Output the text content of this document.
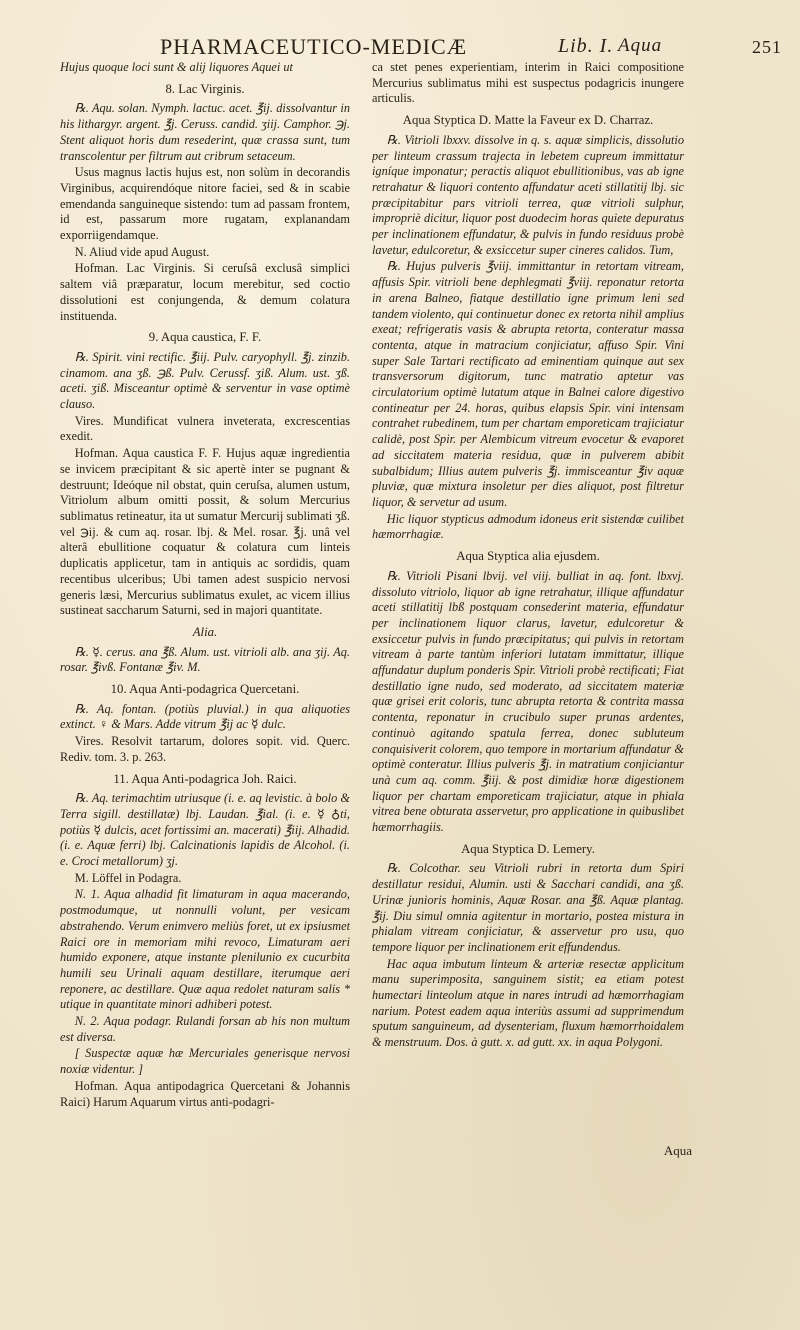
PHARMACEUTICO-MEDICÆ	Lib. I. Aqua	251

Hujus quoque loci sunt & alij liquores Aquei ut

8. Lac Virginis.

℞. Aqu. solan. Nymph. lactuc. acet. ℥ij. dissolvantur in his lithargyr. argent. ℥j. Ceruss. candid. ʒiij. Camphor. ℈j. Stent aliquot horis dum resederint, quæ crassa sunt, tum transcolentur per filtrum aut cribrum setaceum.

Usus magnus lactis hujus est, non solùm in decorandis Virginibus, acquirendóque nitore faciei, sed & in scabie emendanda sanguineque sistendo: tum ad passam frontem, id est, passarum more rugatam, explanandam exporriigendamque.

N. Aliud vide apud August.

Hofman. Lac Virginis. Si ceruſsâ exclusâ simplici saltem viâ præparatur, locum merebitur, sed coctio dissolutioni est conjungenda, & demum colatura instituenda.

9. Aqua caustica, F. F.

℞. Spirit. vini rectific. ℥iij. Pulv. caryophyll. ℥j. zinzib. cinamom. ana ʒß. ℈ß. Pulv. Cerussf. ʒiß. Alum. ust. ʒß. aceti. ʒiß. Misceantur optimè & serventur in vase optimè clauso.

Vires. Mundificat vulnera inveterata, excrescentias exedit.

Hofman. Aqua caustica F. F. Hujus aquæ ingredientia se invicem præcipitant & sic apertè inter se pugnant & destruunt; Ideóque nil obstat, quin ceruſsa, alumen ustum, Vitriolum album omitti possit, & solum Mercurius sublimatus retineatur, ita ut sumatur Mercurij sublimati ʒß. vel ℈ij. & cum aq. rosar. lbj. & Mel. rosar. ℥j. unâ vel alterâ ebullitione coquatur & colatura cum linteis duplicatis applicetur, tam in antiquis ac sordidis, quam recentibus ulceribus; Ubi tamen adest suspicio nervosi generis læsi, Mercurius sublimatus exulet, ac vicem illius sustineat saccharum Saturni, sed in majori quantitate.

Alia.

℞. ☿. cerus. ana ℥ß. Alum. ust. vitrioli alb. ana ʒij. Aq. rosar. ℥ivß. Fontanæ ℥iv. M.

10. Aqua Anti-podagrica Quercetani.

℞. Aq. fontan. (potiùs pluvial.) in qua aliquoties extinct. ♀ & Mars. Adde vitrum ℥ij ac ☿ dulc.

Vires. Resolvit tartarum, dolores sopit. vid. Querc. Rediv. tom. 3. p. 263.

11. Aqua Anti-podagrica Joh. Raici.

℞. Aq. terimachtim utriusque (i. e. aq levistic. à bolo & Terra sigill. destillatæ) lbj. Laudan. ℥ial. (i. e. ☿ ♁ti, potiùs ☿ dulcis, acet fortissimi an. macerati) ℥iij. Alhadid. (i. e. Aquæ ferri) lbj. Calcinationis lapidis de Alcohol. (i. e. Croci metallorum) ʒj.

M. Löffel in Podagra.

N. 1. Aqua alhadid fit limaturam in aqua macerando, postmodumque, ut nonnulli volunt, per vesicam abstrahendo. Verum enimvero meliùs foret, ut ex ipsiusmet Raici ore in memoriam mihi revoco, Limaturam aeri humido exponere, atque instante plenilunio ex cucurbita humili seu Urinali aquam destillare, iterumque aeri reponere, ac destillare. Quæ aqua redolet naturam salis * utique in quantitate minori adhiberi potest.

N. 2. Aqua podagr. Rulandi forsan ab his non multum est diversa.

[ Suspectæ aquæ hæ Mercuriales generisque nervosi noxiæ videntur. ]

Hofman. Aqua antipodagrica Quercetani & Johannis Raici) Harum Aquarum virtus anti-podagri-

ca stet penes experientiam, interim in Raici compositione Mercurius sublimatus mihi est suspectus podagricis inungere articulis.

Aqua Styptica D. Matte la Faveur ex D. Charraz.

℞. Vitrioli lbxxv. dissolve in q. s. aquæ simplicis, dissolutio per linteum crassum trajecta in lebetem cupreum immittatur igníque imponatur; peractis aliquot ebullitionibus, vas ab igne retrahatur & liquori contento affundatur aceti stillatitij lbj. sic præcipitabitur pars vitrioli terrea, quæ vitrioli sulphur, impropriè dicitur, liquor post duodecim horas quiete depuratus per inclinationem effundatur, & pulvis in fundo residuus probè lavetur, edulcoretur, & exsiccetur super cineres calidos. Tum,

℞. Hujus pulveris ℥viij. immittantur in retortam vitream, affusis Spir. vitrioli bene dephlegmati ℥viij. reponatur retorta in arena Balneo, fiatque destillatio igne primum leni sed tandem violento, qui continuetur donec ex retorta nihil amplius exeat; refrigeratis vasis & abrupta retorta, conteratur massa contenta, atque in matracium conjiciatur, affuso Spir. Vini super Sale Tartari rectificato ad eminentiam quinque aut sex transversorum digitorum, tunc matratio aptetur vas circulatorium optimè lutatum atque in Balnei calore digestivo contineatur per 24. horas, quibus elapsis Spir. vini intensam contrahet rubedinem, tum per chartam emporeticam trajiciatur calidè, post Spir. per Alembicum vitreum evocetur & evaporet ad siccitatem materia residua, quæ in pulverem abibit subalbidum; Illius autem pulveris ℥j. immisceantur ℥iv aquæ pluviæ, quæ mixtura insoletur per dies aliquot, post filtretur liquor, & servetur ad usum.

Hic liquor stypticus admodum idoneus erit sistendæ cuilibet hæmorrhagiæ.

Aqua Styptica alia ejusdem.

℞. Vitrioli Pisani lbvij. vel viij. bulliat in aq. font. lbxvj. dissoluto vitriolo, liquor ab igne retrahatur, illique affundatur aceti stillatitij lbß postquam consederint materia, effundatur per inclinationem liquor clarus, lavetur, edulcoretur & exsiccetur pulvis in fundo præcipitatus; qui pulvis in retortam vitream à parte tantùm inferiori lutatam immittatur, illique affundatur duplum ponderis Spir. Vitrioli probè rectificati; Fiat destillatio igne nudo, sed moderato, ad siccitatem materiæ quæ grisei erit coloris, tunc abrupta retorta & contrita massa contenta, reponatur in crucibulo super prunas ardentes, continuò agitando spatula ferrea, donec subluteum conquisiverit colorem, quo tempore in mortarium affundatur & optimè conteratur. Illius pulveris ℥j. in matratium conjiciantur unà cum aq. comm. ℥iij. & post dimidiæ horæ digestionem liquor per chartam emporeticam trajiciatur, atque in phiala vitrea bene obturata asservetur, pro applicatione in quibuslibet hæmorrhagiis.

Aqua Styptica D. Lemery.

℞. Colcothar. seu Vitrioli rubri in retorta dum Spiri destillatur residui, Alumin. usti & Sacchari candidi, ana ʒß. Urinæ junioris hominis, Aquæ Rosar. ana ℥ß. Aquæ plantag. ℥ij. Diu simul omnia agitentur in mortario, postea mistura in phialam vitream conjiciatur, & asservetur pro usu, quo tempore liquor per inclinationem erit effundendus.

Hac aqua imbutum linteum & arteriæ resectæ applicitum manu superimposita, sanguinem sistit; ea etiam potest humectari linteolum atque in nares intrudi ad hæmorrhagiam narium. Potest eadem aqua interiùs assumi ad supprimendum sputum sanguineum, ad dysenteriam, fluxum hæmorrhoidalem & menstruum. Dos. à gutt. x. ad gutt. xx. in aqua Polygoni.

Aqua
